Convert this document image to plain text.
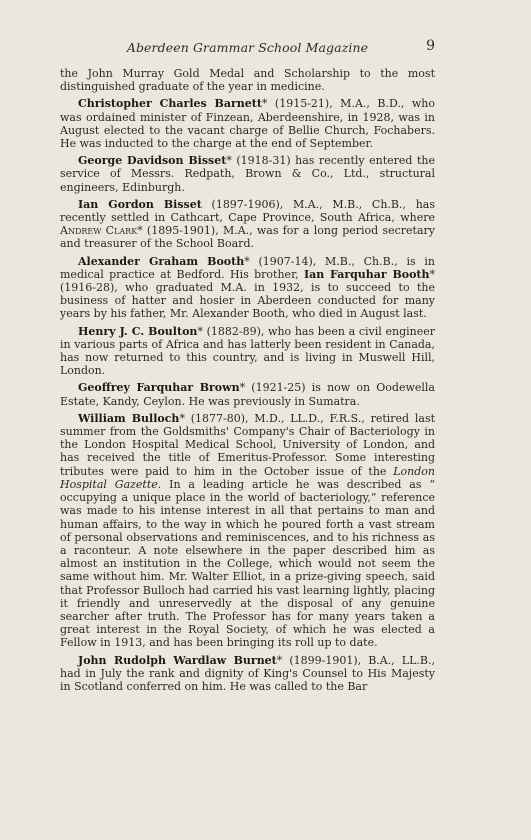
Aberdeen Grammar School Magazine	9

the John Murray Gold Medal and Scholarship to the most distinguished graduate of the year in medicine.

Christopher Charles Barnett* (1915-21), M.A., B.D., who was ordained minister of Finzean, Aberdeenshire, in 1928, was in August elected to the vacant charge of Bellie Church, Fochabers. He was inducted to the charge at the end of September.

George Davidson Bisset* (1918-31) has recently entered the service of Messrs. Redpath, Brown & Co., Ltd., structural engineers, Edinburgh.

Ian Gordon Bisset (1897-1906), M.A., M.B., Ch.B., has recently settled in Cathcart, Cape Province, South Africa, where Andrew Clark* (1895-1901), M.A., was for a long period secretary and treasurer of the School Board.

Alexander Graham Booth* (1907-14), M.B., Ch.B., is in medical practice at Bedford. His brother, Ian Farquhar Booth* (1916-28), who graduated M.A. in 1932, is to succeed to the business of hatter and hosier in Aberdeen conducted for many years by his father, Mr. Alexander Booth, who died in August last.

Henry J. C. Boulton* (1882-89), who has been a civil engineer in various parts of Africa and has latterly been resident in Canada, has now returned to this country, and is living in Muswell Hill, London.

Geoffrey Farquhar Brown* (1921-25) is now on Oodewella Estate, Kandy, Ceylon. He was previously in Sumatra.

William Bulloch* (1877-80), M.D., LL.D., F.R.S., retired last summer from the Goldsmiths' Company's Chair of Bacteriology in the London Hospital Medical School, University of London, and has received the title of Emeritus-Professor. Some interesting tributes were paid to him in the October issue of the London Hospital Gazette. In a leading article he was described as “ occupying a unique place in the world of bacteriology,” reference was made to his intense interest in all that pertains to man and human affairs, to the way in which he poured forth a vast stream of personal observations and reminiscences, and to his richness as a raconteur. A note elsewhere in the paper described him as almost an institution in the College, which would not seem the same without him. Mr. Walter Elliot, in a prize-giving speech, said that Professor Bulloch had carried his vast learning lightly, placing it friendly and unreservedly at the disposal of any genuine searcher after truth. The Professor has for many years taken a great interest in the Royal Society, of which he was elected a Fellow in 1913, and has been bringing its roll up to date.

John Rudolph Wardlaw Burnet* (1899-1901), B.A., LL.B., had in July the rank and dignity of King's Counsel to His Majesty in Scotland conferred on him. He was called to the Bar
